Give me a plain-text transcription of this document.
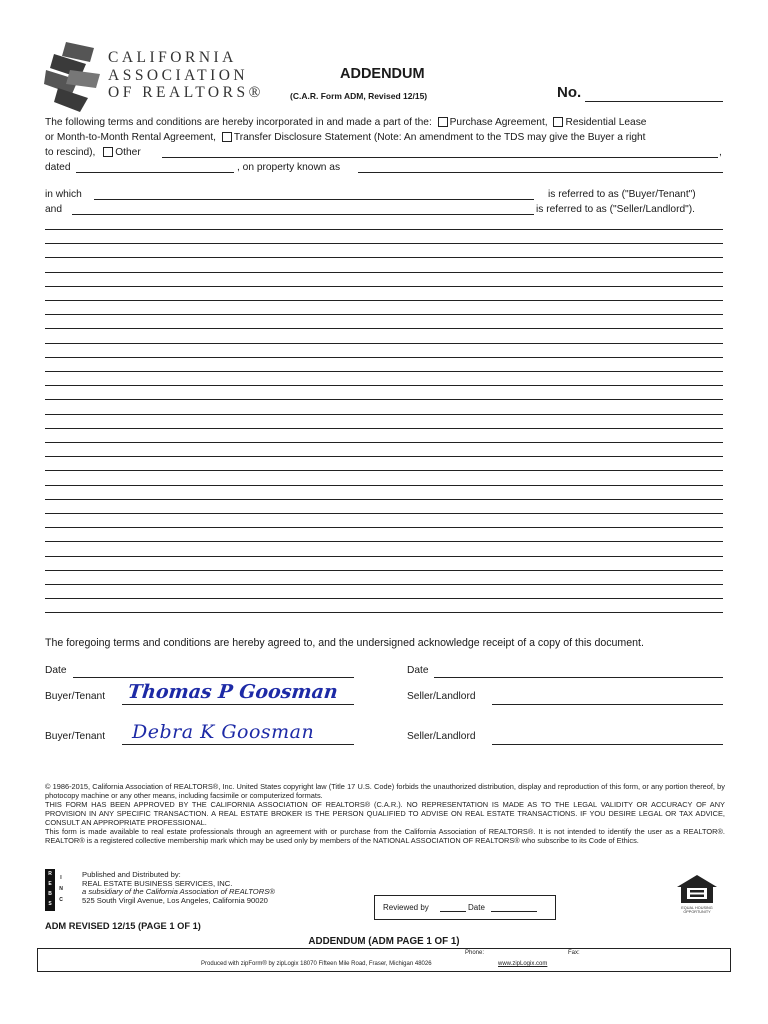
CALIFORNIA
ASSOCIATION
OF REALTORS®
ADDENDUM
(C.A.R. Form ADM, Revised 12/15)	No.
The following terms and conditions are hereby incorporated in and made a part of the: Purchase Agreement, Residential Lease
or Month-to-Month Rental Agreement, Transfer Disclosure Statement (Note: An amendment to the TDS may give the Buyer a right
to rescind), Other	,
dated	, on property known as
in which	is referred to as ("Buyer/Tenant")
and	is referred to as ("Seller/Landlord").
The foregoing terms and conditions are hereby agreed to, and the undersigned acknowledge receipt of a copy of this document.
Date	Date
Buyer/Tenant Thomas P Goosman	Seller/Landlord
Buyer/Tenant Debra K Goosman	Seller/Landlord
© 1986-2015, California Association of REALTORS®, Inc. United States copyright law (Title 17 U.S. Code) forbids the unauthorized distribution, display and reproduction of this form, or any portion thereof, by photocopy machine or any other means, including facsimile or computerized formats.
THIS FORM HAS BEEN APPROVED BY THE CALIFORNIA ASSOCIATION OF REALTORS® (C.A.R.). NO REPRESENTATION IS MADE AS TO THE LEGAL VALIDITY OR ACCURACY OF ANY PROVISION IN ANY SPECIFIC TRANSACTION. A REAL ESTATE BROKER IS THE PERSON QUALIFIED TO ADVISE ON REAL ESTATE TRANSACTIONS. IF YOU DESIRE LEGAL OR TAX ADVICE, CONSULT AN APPROPRIATE PROFESSIONAL.
This form is made available to real estate professionals through an agreement with or purchase from the California Association of REALTORS®. It is not intended to identify the user as a REALTOR®. REALTOR® is a registered collective membership mark which may be used only by members of the NATIONAL ASSOCIATION OF REALTORS® who subscribe to its Code of Ethics.
R
E
B
S
I
N
C
Published and Distributed by:
REAL ESTATE BUSINESS SERVICES, INC.
a subsidiary of the California Association of REALTORS®
525 South Virgil Avenue, Los Angeles, California 90020
Reviewed by	Date	EQUAL HOUSING OPPORTUNITY
ADM REVISED 12/15 (PAGE 1 OF 1)
ADDENDUM (ADM PAGE 1 OF 1)
Phone:	Fax:
Produced with zipForm® by zipLogix 18070 Fifteen Mile Road, Fraser, Michigan 48026	www.zipLogix.com
